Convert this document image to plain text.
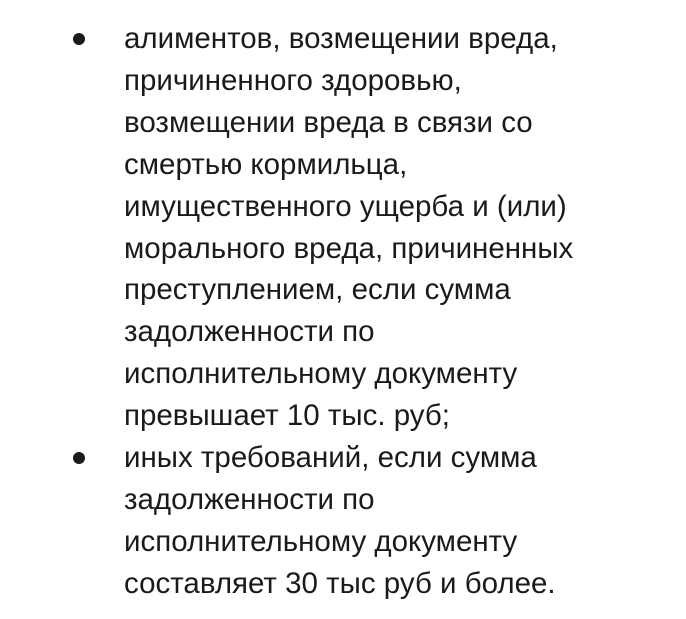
алиментов, возмещении вреда,
причиненного здоровью,
возмещении вреда в связи со
смертью кормильца,
имущественного ущерба и (или)
морального вреда, причиненных
преступлением, если сумма
задолженности по
исполнительному документу
превышает 10 тыс. руб;
иных требований, если сумма
задолженности по
исполнительному документу
составляет 30 тыс руб и более.
